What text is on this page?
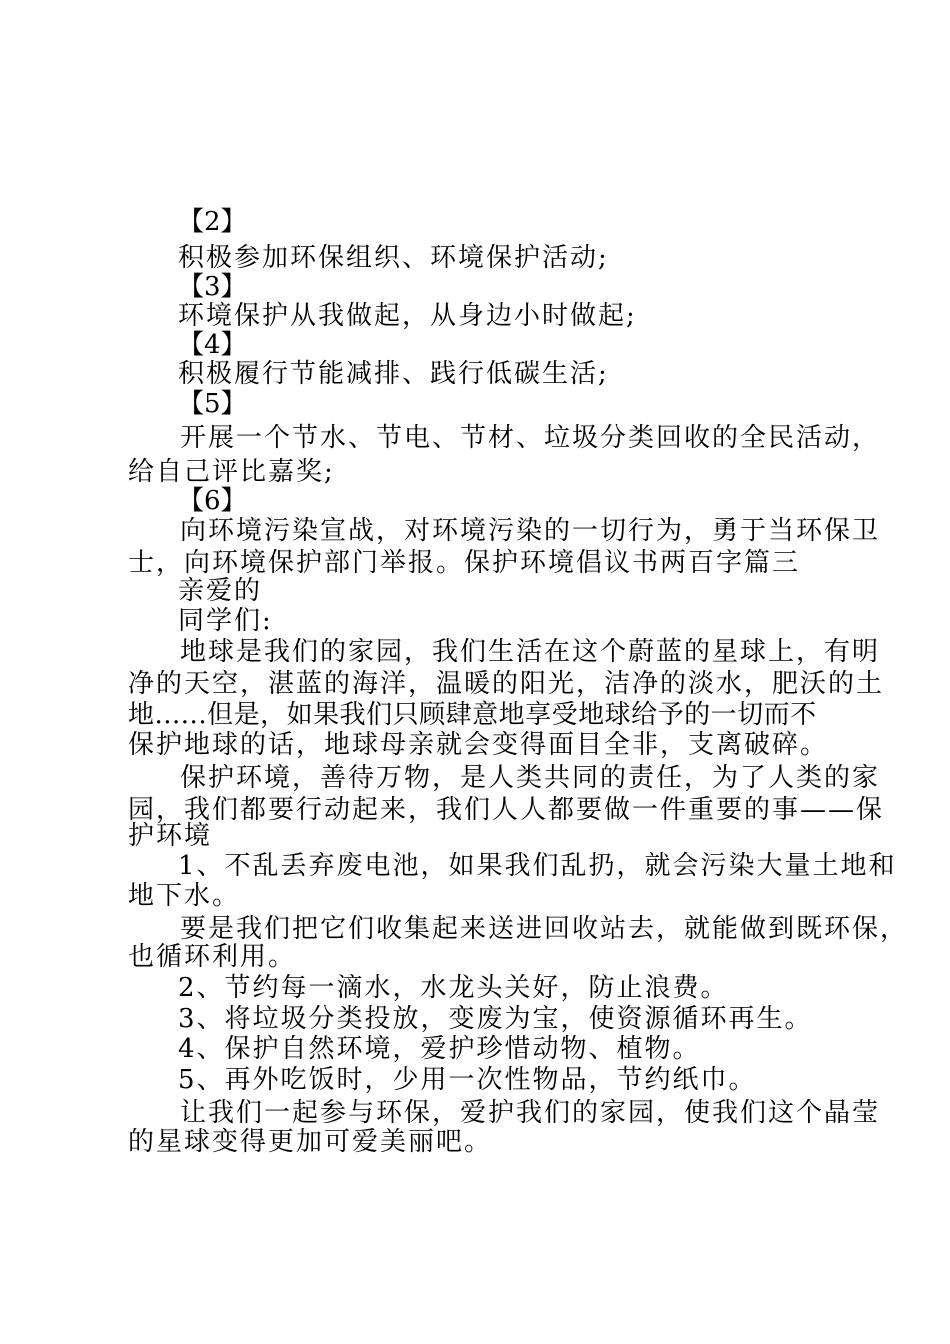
【2】
积极参加环保组织、环境保护活动;
【3】
环境保护从我做起，从身边小时做起;
【4】
积极履行节能减排、践行低碳生活;
【5】
开展一个节水、节电、节材、垃圾分类回收的全民活动，
给自己评比嘉奖;
【6】
向环境污染宣战，对环境污染的一切行为，勇于当环保卫
士，向环境保护部门举报。保护环境倡议书两百字篇三
亲爱的
同学们:
地球是我们的家园，我们生活在这个蔚蓝的星球上，有明
净的天空，湛蓝的海洋，温暖的阳光，洁净的淡水，肥沃的土
地......但是，如果我们只顾肆意地享受地球给予的一切而不
保护地球的话，地球母亲就会变得面目全非，支离破碎。
保护环境，善待万物，是人类共同的责任，为了人类的家
园，我们都要行动起来，我们人人都要做一件重要的事——保
护环境
1、不乱丢弃废电池，如果我们乱扔，就会污染大量土地和
地下水。
要是我们把它们收集起来送进回收站去，就能做到既环保，
也循环利用。
2、节约每一滴水，水龙头关好，防止浪费。
3、将垃圾分类投放，变废为宝，使资源循环再生。
4、保护自然环境，爱护珍惜动物、植物。
5、再外吃饭时，少用一次性物品，节约纸巾。
让我们一起参与环保，爱护我们的家园，使我们这个晶莹
的星球变得更加可爱美丽吧。
